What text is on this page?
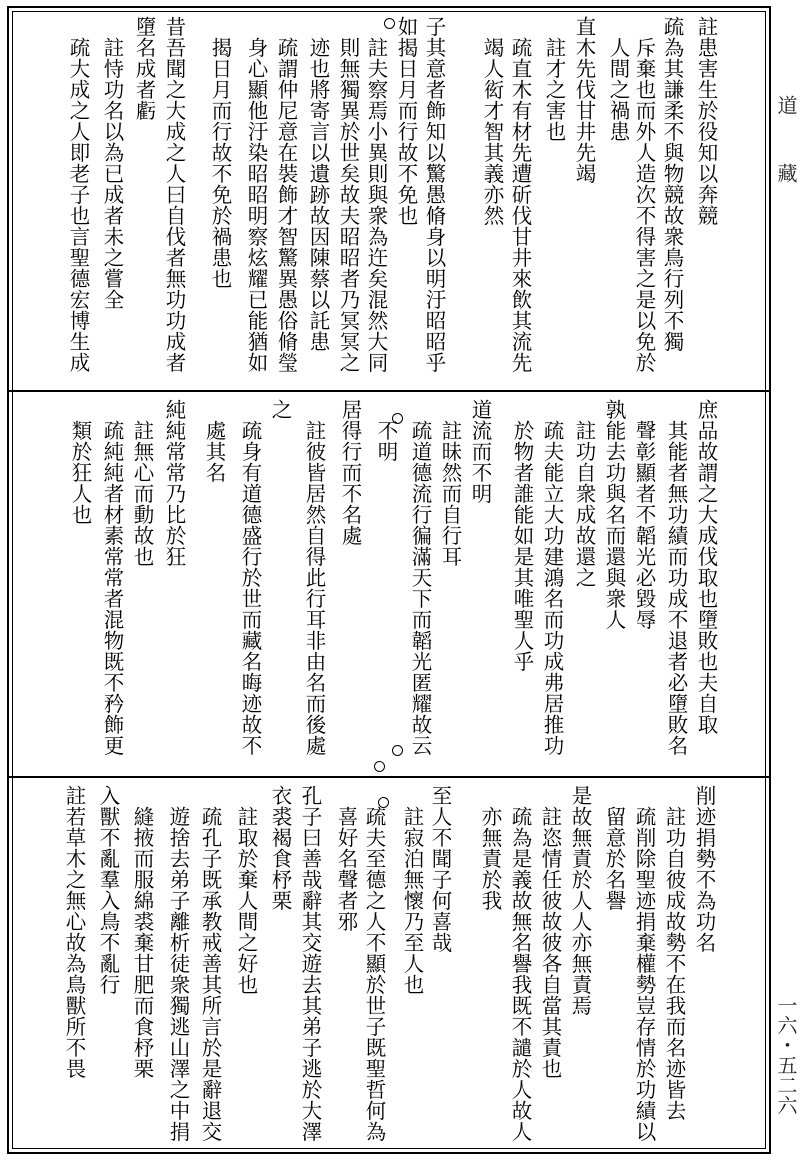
註患害生於役知以奔競
疏為其謙柔不與物競故衆鳥行列不獨
斥棄也而外人造次不得害之是以免於
人間之禍患
直木先伐甘井先竭
註才之害也
疏直木有材先遭斫伐甘井來飲其流先
竭人衒才智其義亦然
子其意者飾知以驚愚脩身以明汙昭昭乎
如揭日月而行故不免也
註夫察焉小異則與衆為迕矣混然大同
則無獨異於世矣故夫昭昭者乃冥冥之
迹也將寄言以遺跡故因陳蔡以託患
疏謂仲尼意在裝飾才智驚異愚俗脩瑩
身心顯他汙染昭昭明察炫耀已能猶如
揭日月而行故不免於禍患也
昔吾聞之大成之人曰自伐者無功功成者
墮名成者虧
註恃功名以為已成者未之嘗全
疏大成之人即老子也言聖德宏博生成
庶品故謂之大成伐取也墮敗也夫自取
其能者無功績而功成不退者必墮敗名
聲彰顯者不韜光必毀辱
孰能去功與名而還與衆人
註功自衆成故還之
疏夫能立大功建鴻名而功成弗居推功
於物者誰能如是其唯聖人乎
道流而不明
註昧然而自行耳
疏道德流行徧滿天下而韜光匿耀故云
不明
居得行而不名處
註彼皆居然自得此行耳非由名而後處
之
疏身有道德盛行於世而藏名晦迹故不
處其名
純純常常乃比於狂
註無心而動故也
疏純純者材素常常者混物既不矜飾更
類於狂人也
削迹捐勢不為功名
註功自彼成故勢不在我而名迹皆去
疏削除聖迹捐棄權勢豈存情於功績以
留意於名譽
是故無責於人人亦無責焉
註恣情任彼故彼各自當其責也
疏為是義故無名譽我既不譴於人故人
亦無責於我
至人不聞子何喜哉
註寂泊無懷乃至人也
疏夫至德之人不顯於世子既聖哲何為
喜好名聲者邪
孔子曰善哉辭其交遊去其弟子逃於大澤
衣裘褐食杼栗
註取於棄人間之好也
疏孔子既承教戒善其所言於是辭退交
遊捨去弟子離析徒衆獨逃山澤之中捐
縫掖而服綿裘棄甘肥而食杼栗
入獸不亂羣入鳥不亂行
註若草木之無心故為鳥獸所不畏
道　藏
一六・五二六
